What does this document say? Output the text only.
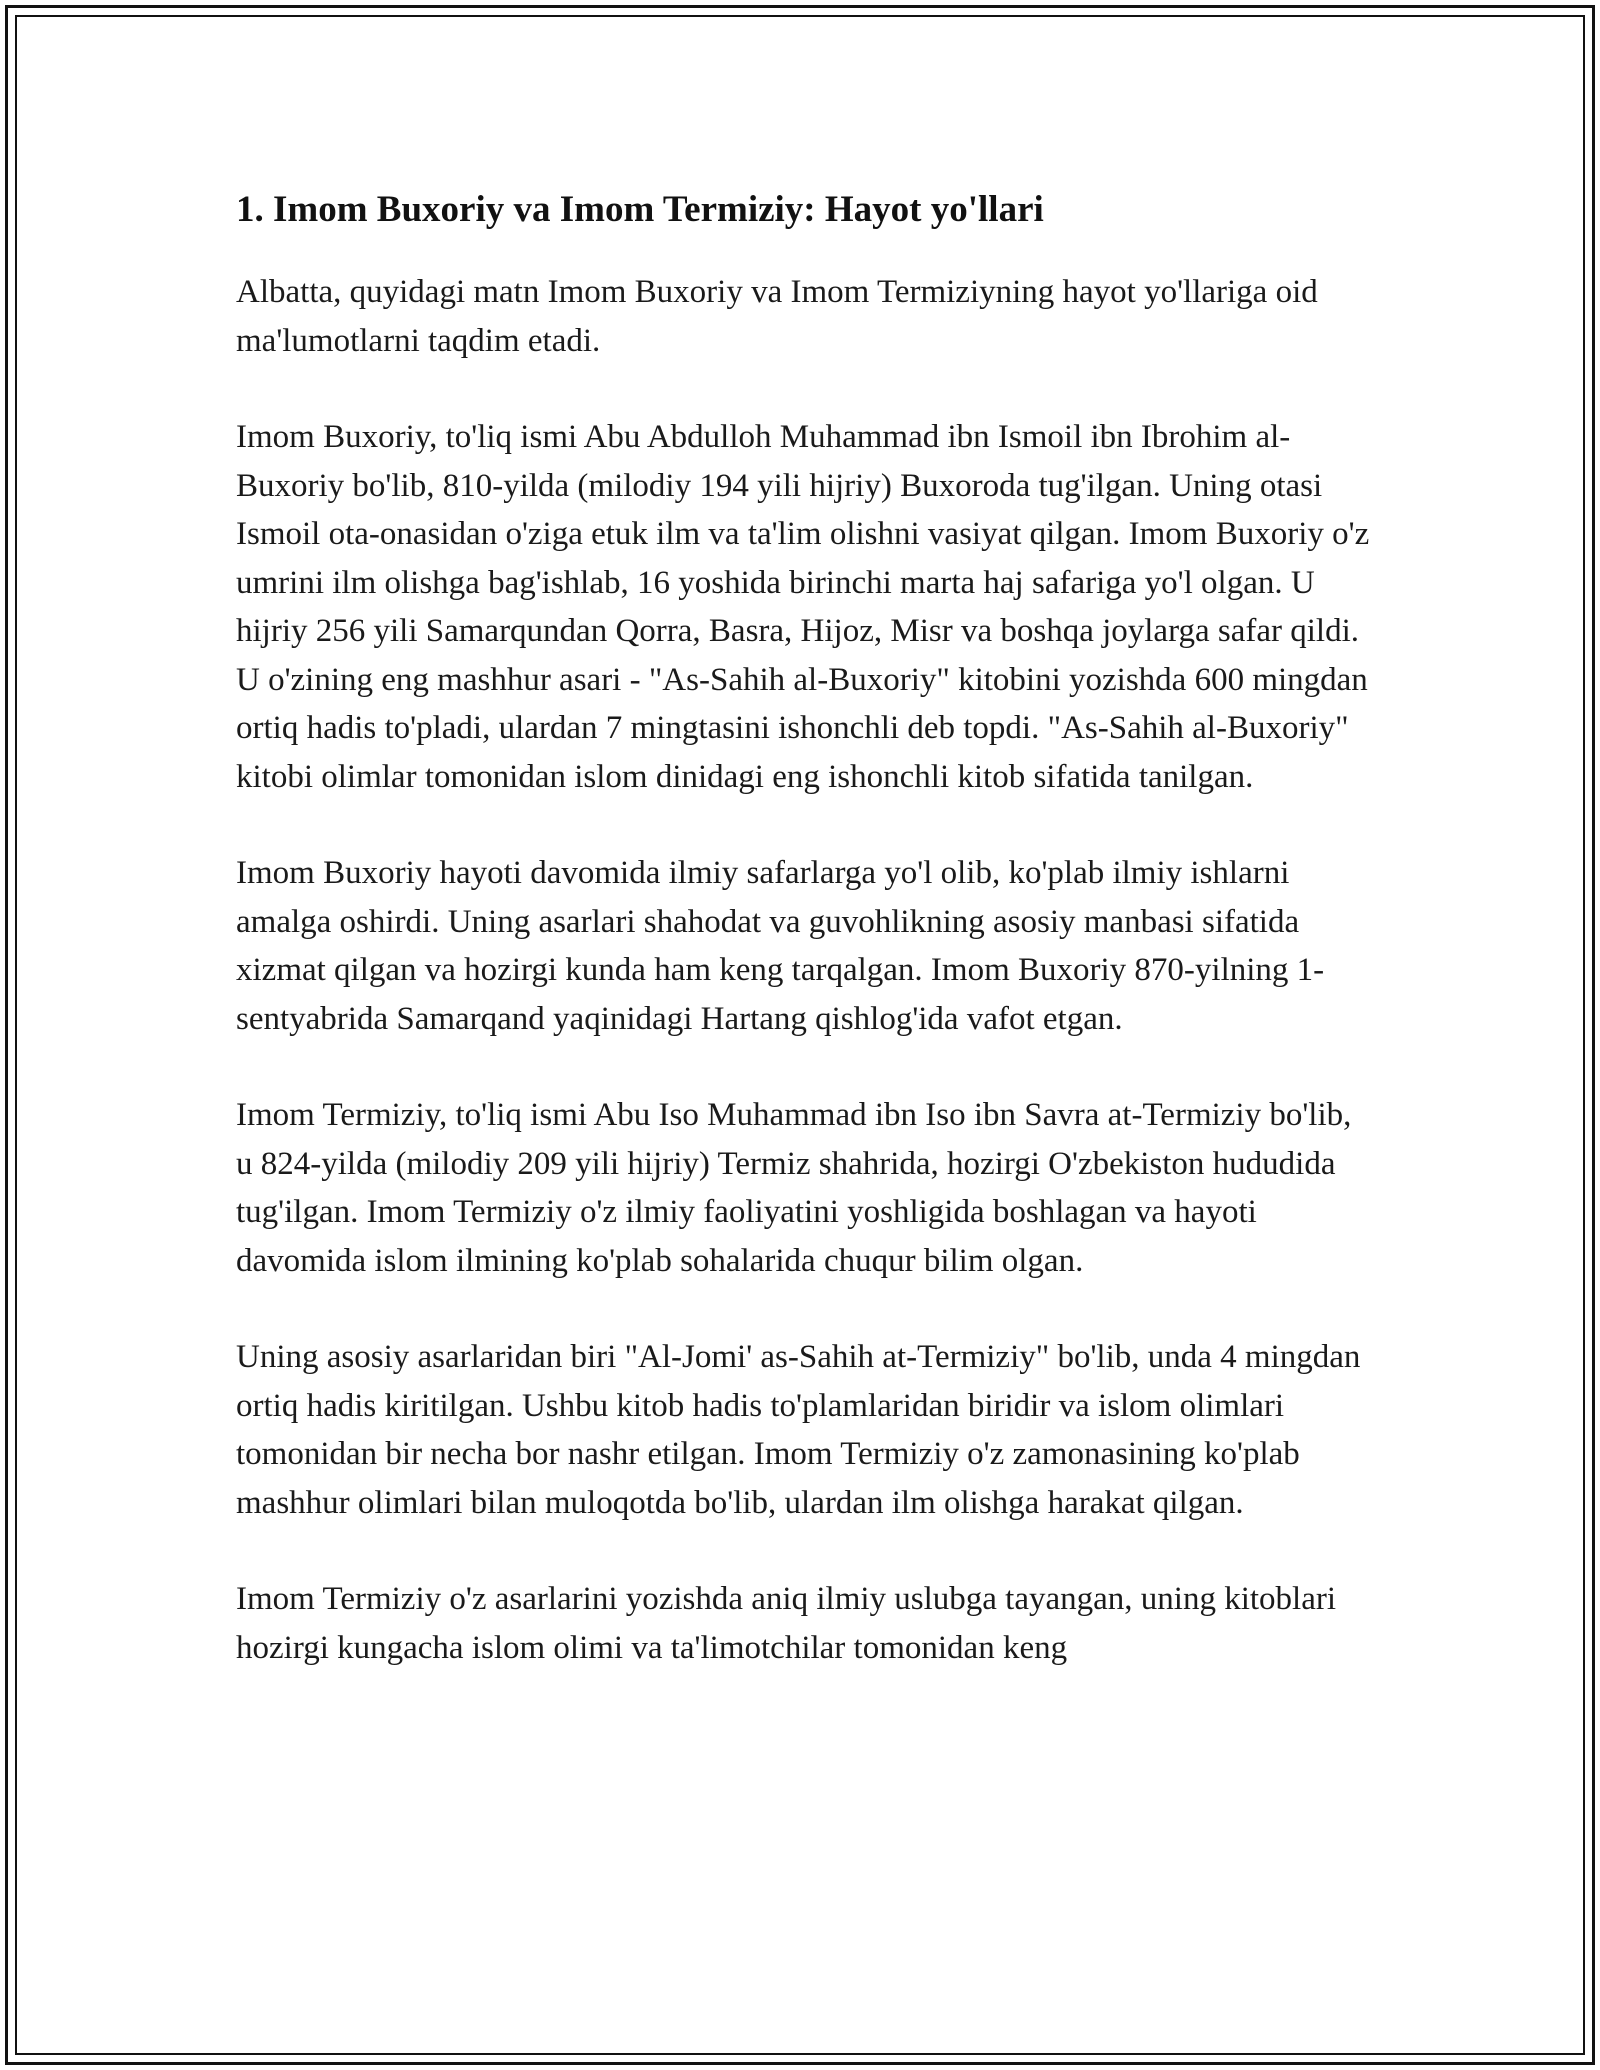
1. Imom Buxoriy va Imom Termiziy: Hayot yo'llari

Albatta, quyidagi matn Imom Buxoriy va Imom Termiziyning hayot yo'llariga oid ma'lumotlarni taqdim etadi.

Imom Buxoriy, to'liq ismi Abu Abdulloh Muhammad ibn Ismoil ibn Ibrohim al-Buxoriy bo'lib, 810-yilda (milodiy 194 yili hijriy) Buxoroda tug'ilgan. Uning otasi Ismoil ota-onasidan o'ziga etuk ilm va ta'lim olishni vasiyat qilgan. Imom Buxoriy o'z umrini ilm olishga bag'ishlab, 16 yoshida birinchi marta haj safariga yo'l olgan. U hijriy 256 yili Samarqundan Qorra, Basra, Hijoz, Misr va boshqa joylarga safar qildi. U o'zining eng mashhur asari - "As-Sahih al-Buxoriy" kitobini yozishda 600 mingdan ortiq hadis to'pladi, ulardan 7 mingtasini ishonchli deb topdi. "As-Sahih al-Buxoriy" kitobi olimlar tomonidan islom dinidagi eng ishonchli kitob sifatida tanilgan.

Imom Buxoriy hayoti davomida ilmiy safarlarga yo'l olib, ko'plab ilmiy ishlarni amalga oshirdi. Uning asarlari shahodat va guvohlikning asosiy manbasi sifatida xizmat qilgan va hozirgi kunda ham keng tarqalgan. Imom Buxoriy 870-yilning 1-sentyabrida Samarqand yaqinidagi Hartang qishlog'ida vafot etgan.

Imom Termiziy, to'liq ismi Abu Iso Muhammad ibn Iso ibn Savra at-Termiziy bo'lib, u 824-yilda (milodiy 209 yili hijriy) Termiz shahrida, hozirgi O'zbekiston hududida tug'ilgan. Imom Termiziy o'z ilmiy faoliyatini yoshligida boshlagan va hayoti davomida islom ilmining ko'plab sohalarida chuqur bilim olgan.

Uning asosiy asarlaridan biri "Al-Jomi' as-Sahih at-Termiziy" bo'lib, unda 4 mingdan ortiq hadis kiritilgan. Ushbu kitob hadis to'plamlaridan biridir va islom olimlari tomonidan bir necha bor nashr etilgan. Imom Termiziy o'z zamonasining ko'plab mashhur olimlari bilan muloqotda bo'lib, ulardan ilm olishga harakat qilgan.

Imom Termiziy o'z asarlarini yozishda aniq ilmiy uslubga tayangan, uning kitoblari hozirgi kungacha islom olimi va ta'limotchilar tomonidan keng
